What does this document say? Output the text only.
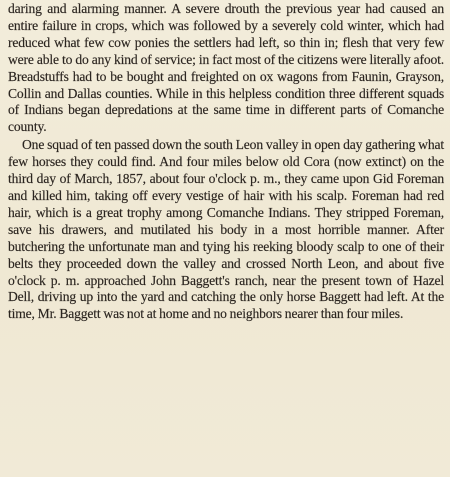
daring and alarming manner. A severe drouth the previous year had caused an entire failure in crops, which was followed by a severely cold winter, which had reduced what few cow ponies the settlers had left, so thin in; flesh that very few were able to do any kind of service; in fact most of the citizens were literally afoot. Breadstuffs had to be bought and freighted on ox wagons from Faunin, Grayson, Collin and Dallas counties. While in this helpless condition three different squads of Indians began depredations at the same time in different parts of Comanche county.

One squad of ten passed down the south Leon valley in open day gathering what few horses they could find. And four miles below old Cora (now extinct) on the third day of March, 1857, about four o'clock p. m., they came upon Gid Foreman and killed him, taking off every vestige of hair with his scalp. Foreman had red hair, which is a great trophy among Comanche Indians. They stripped Foreman, save his drawers, and mutilated his body in a most horrible manner. After butchering the unfortunate man and tying his reeking bloody scalp to one of their belts they proceeded down the valley and crossed North Leon, and about five o'clock p. m. approached John Baggett's ranch, near the present town of Hazel Dell, driving up into the yard and catching the only horse Baggett had left. At the time, Mr. Baggett was not at home and no neighbors nearer than four miles.
